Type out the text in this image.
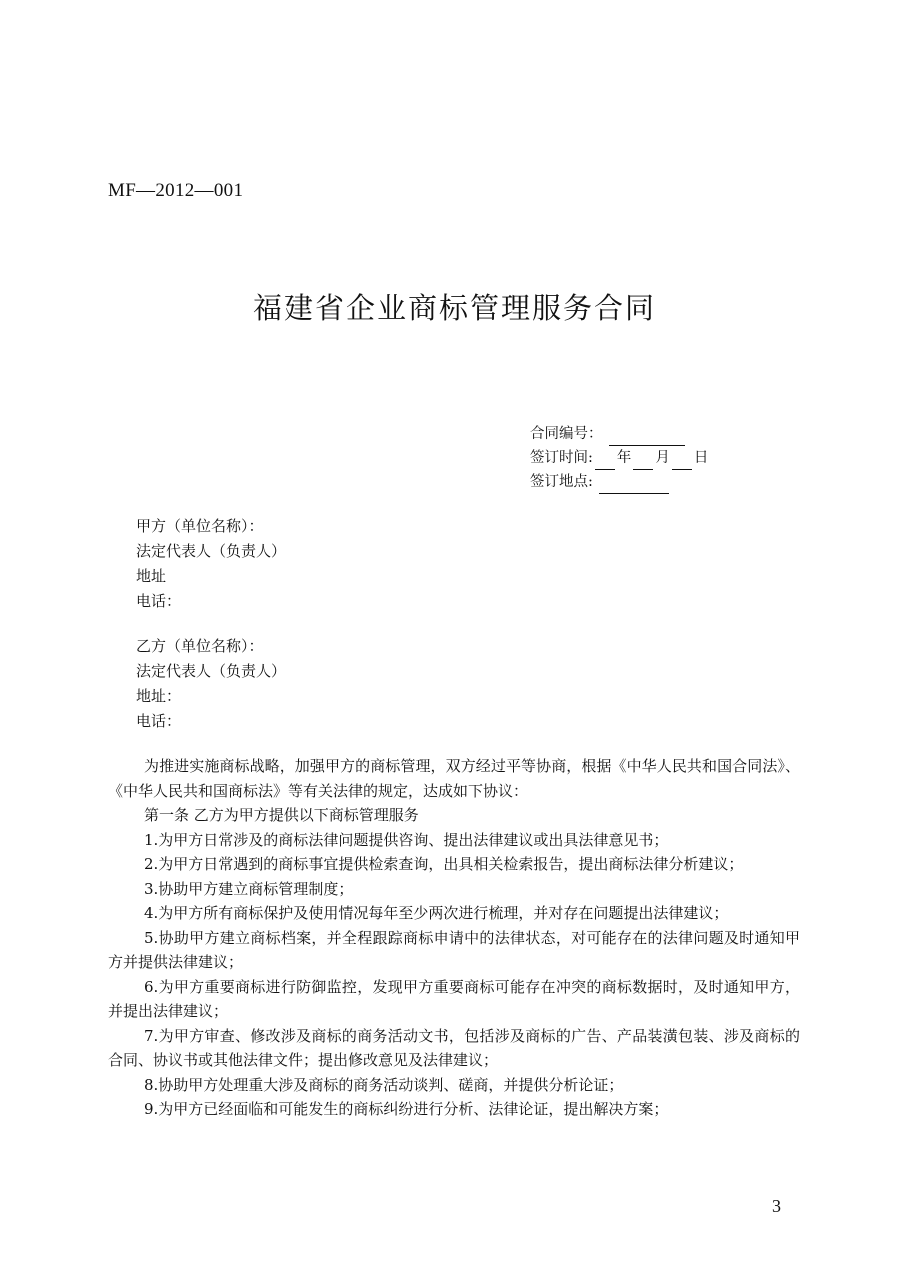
MF—2012—001
福建省企业商标管理服务合同
合同编号：
签订时间: 年 月 日
签订地点:
甲方（单位名称）：
法定代表人（负责人）
地址
电话：
乙方（单位名称）：
法定代表人（负责人）
地址：
电话：

为推进实施商标战略，加强甲方的商标管理，双方经过平等协商，根据《中华人民共和国合同法》、《中华人民共和国商标法》等有关法律的规定，达成如下协议：

第一条 乙方为甲方提供以下商标管理服务

1.为甲方日常涉及的商标法律问题提供咨询、提出法律建议或出具法律意见书；

2.为甲方日常遇到的商标事宜提供检索查询，出具相关检索报告，提出商标法律分析建议；

3.协助甲方建立商标管理制度；

4.为甲方所有商标保护及使用情况每年至少两次进行梳理，并对存在问题提出法律建议；

5.协助甲方建立商标档案，并全程跟踪商标申请中的法律状态，对可能存在的法律问题及时通知甲方并提供法律建议；

6.为甲方重要商标进行防御监控，发现甲方重要商标可能存在冲突的商标数据时，及时通知甲方，并提出法律建议；

7.为甲方审查、修改涉及商标的商务活动文书，包括涉及商标的广告、产品装潢包装、涉及商标的合同、协议书或其他法律文件；提出修改意见及法律建议；

8.协助甲方处理重大涉及商标的商务活动谈判、磋商，并提供分析论证；

9.为甲方已经面临和可能发生的商标纠纷进行分析、法律论证，提出解决方案；

3
